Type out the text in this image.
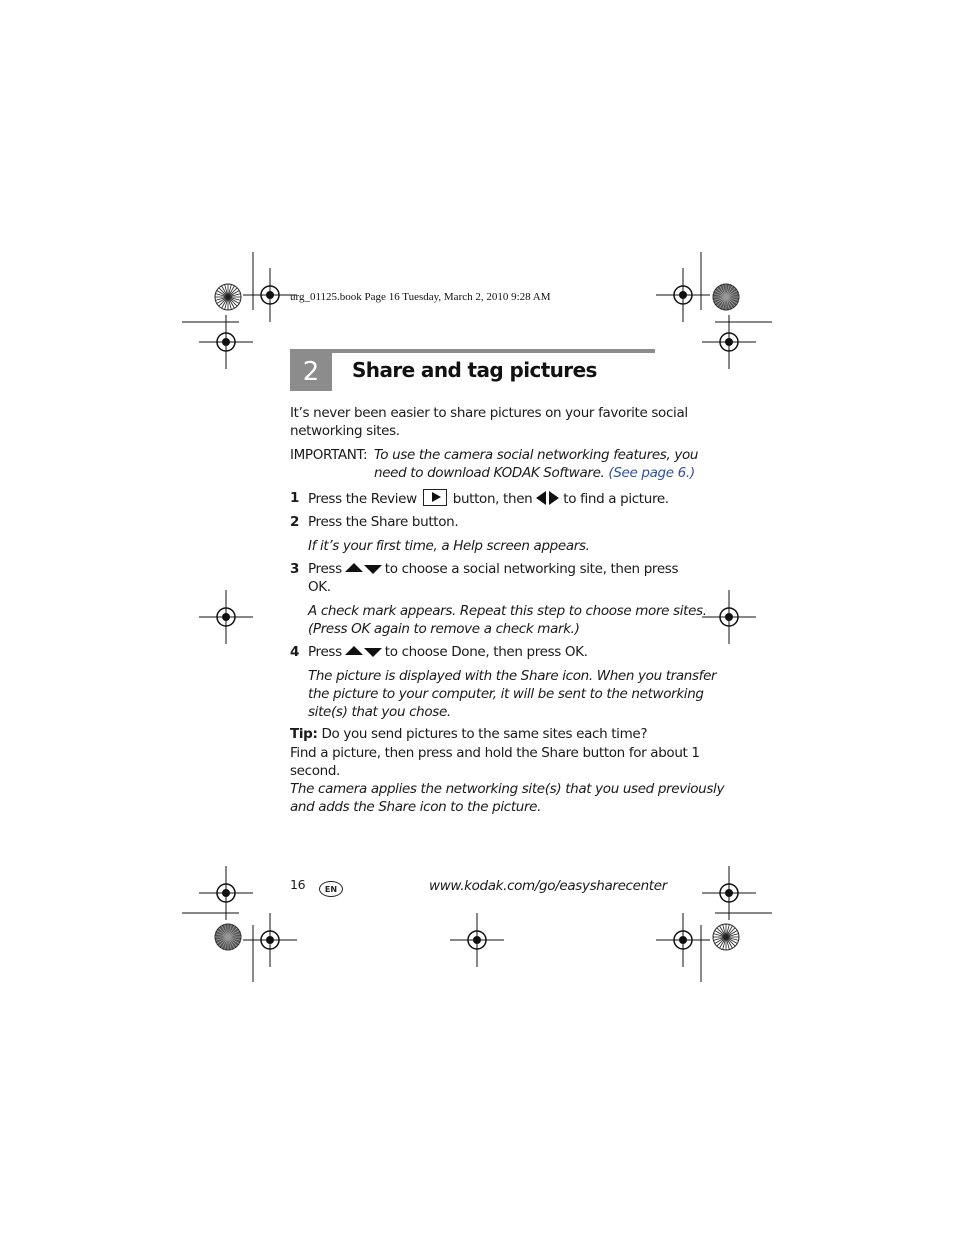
urg_01125.book Page 16 Tuesday, March 2, 2010 9:28 AM
2	Share and tag pictures
It’s never been easier to share pictures on your favorite social
networking sites.
IMPORTANT: To use the camera social networking features, you
need to download KODAK Software. (See page 6.)
1 Press the Review	button, then to find a picture.
2 Press the Share button.
If it’s your first time, a Help screen appears.
3 Press	to choose a social networking site, then press
OK.
A check mark appears. Repeat this step to choose more sites.
(Press OK again to remove a check mark.)
4 Press	to choose Done, then press OK.
The picture is displayed with the Share icon. When you transfer
the picture to your computer, it will be sent to the networking
site(s) that you chose.
Tip: Do you send pictures to the same sites each time?
Find a picture, then press and hold the Share button for about 1
second.
The camera applies the networking site(s) that you used previously
and adds the Share icon to the picture.
16	EN	www.kodak.com/go/easysharecenter
